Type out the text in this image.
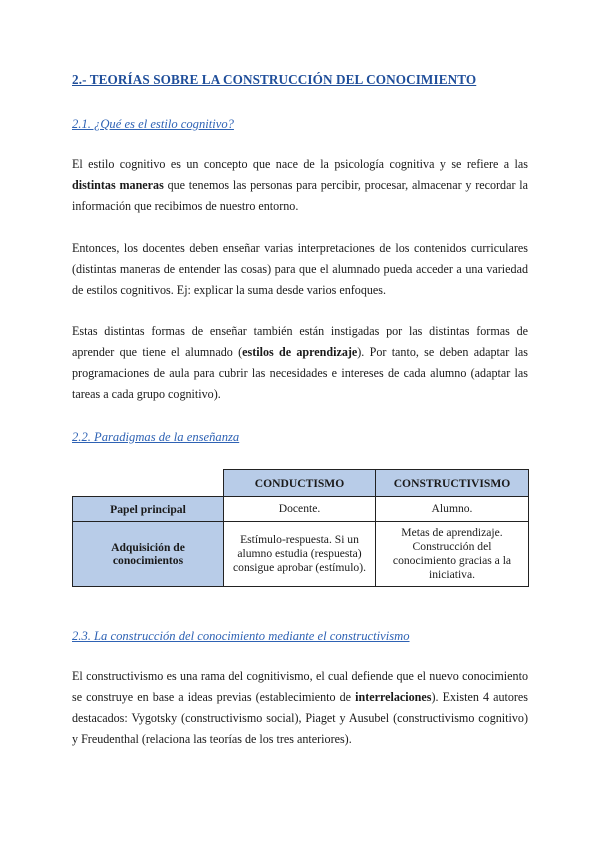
2.- TEORÍAS SOBRE LA CONSTRUCCIÓN DEL CONOCIMIENTO
2.1. ¿Qué es el estilo cognitivo?

El estilo cognitivo es un concepto que nace de la psicología cognitiva y se refiere a las distintas maneras que tenemos las personas para percibir, procesar, almacenar y recordar la información que recibimos de nuestro entorno.

Entonces, los docentes deben enseñar varias interpretaciones de los contenidos curriculares (distintas maneras de entender las cosas) para que el alumnado pueda acceder a una variedad de estilos cognitivos. Ej: explicar la suma desde varios enfoques.

Estas distintas formas de enseñar también están instigadas por las distintas formas de aprender que tiene el alumnado (estilos de aprendizaje). Por tanto, se deben adaptar las programaciones de aula para cubrir las necesidades e intereses de cada alumno (adaptar las tareas a cada grupo cognitivo).

2.2. Paradigmas de la enseñanza
	CONDUCTISMO	CONSTRUCTIVISMO
Papel principal	Docente.	Alumno.
Adquisición de conocimientos	Estímulo-respuesta. Si un alumno estudia (respuesta) consigue aprobar (estímulo).	Metas de aprendizaje. Construcción del conocimiento gracias a la iniciativa.
2.3. La construcción del conocimiento mediante el constructivismo

El constructivismo es una rama del cognitivismo, el cual defiende que el nuevo conocimiento se construye en base a ideas previas (establecimiento de interrelaciones). Existen 4 autores destacados: Vygotsky (constructivismo social), Piaget y Ausubel (constructivismo cognitivo) y Freudenthal (relaciona las teorías de los tres anteriores).
